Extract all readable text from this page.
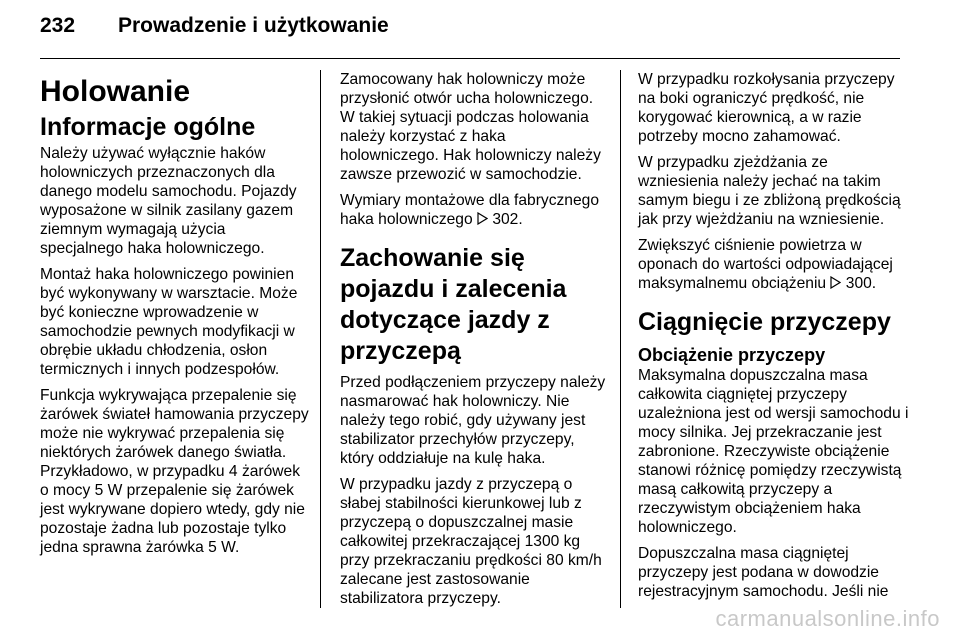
232	Prowadzenie i użytkowanie
Holowanie
Informacje ogólne

Należy używać wyłącznie haków holowniczych przeznaczonych dla danego modelu samochodu. Pojazdy wyposażone w silnik zasilany gazem ziemnym wymagają użycia specjalnego haka holowniczego.

Montaż haka holowniczego powinien być wykonywany w warsztacie. Może być konieczne wprowadzenie w samochodzie pewnych modyfikacji w obrębie układu chłodzenia, osłon termicznych i innych podzespołów.

Funkcja wykrywająca przepalenie się żarówek świateł hamowania przyczepy może nie wykrywać przepalenia się niektórych żarówek danego światła. Przykładowo, w przypadku 4 żarówek o mocy 5 W przepalenie się żarówek jest wykrywane dopiero wtedy, gdy nie pozostaje żadna lub pozostaje tylko jedna sprawna żarówka 5 W.

Zamocowany hak holowniczy może przysłonić otwór ucha holowniczego. W takiej sytuacji podczas holowania należy korzystać z haka holowniczego. Hak holowniczy należy zawsze przewozić w samochodzie.

Wymiary montażowe dla fabrycznego haka holowniczego 302.

Zachowanie się pojazdu i zalecenia dotyczące jazdy z przyczepą

Przed podłączeniem przyczepy należy nasmarować hak holowniczy. Nie należy tego robić, gdy używany jest stabilizator przechyłów przyczepy, który oddziałuje na kulę haka.

W przypadku jazdy z przyczepą o słabej stabilności kierunkowej lub z przyczepą o dopuszczalnej masie całkowitej przekraczającej 1300 kg przy przekraczaniu prędkości 80 km/h zalecane jest zastosowanie stabilizatora przyczepy.

W przypadku rozkołysania przyczepy na boki ograniczyć prędkość, nie korygować kierownicą, a w razie potrzeby mocno zahamować.

W przypadku zjeżdżania ze wzniesienia należy jechać na takim samym biegu i ze zbliżoną prędkością jak przy wjeżdżaniu na wzniesienie.

Zwiększyć ciśnienie powietrza w oponach do wartości odpowiadającej maksymalnemu obciążeniu 300.

Ciągnięcie przyczepy
Obciążenie przyczepy

Maksymalna dopuszczalna masa całkowita ciągniętej przyczepy uzależniona jest od wersji samochodu i mocy silnika. Jej przekraczanie jest zabronione. Rzeczywiste obciążenie stanowi różnicę pomiędzy rzeczywistą masą całkowitą przyczepy a rzeczywistym obciążeniem haka holowniczego.

Dopuszczalna masa ciągniętej przyczepy jest podana w dowodzie rejestracyjnym samochodu. Jeśli nie

carmanualsonline.info
